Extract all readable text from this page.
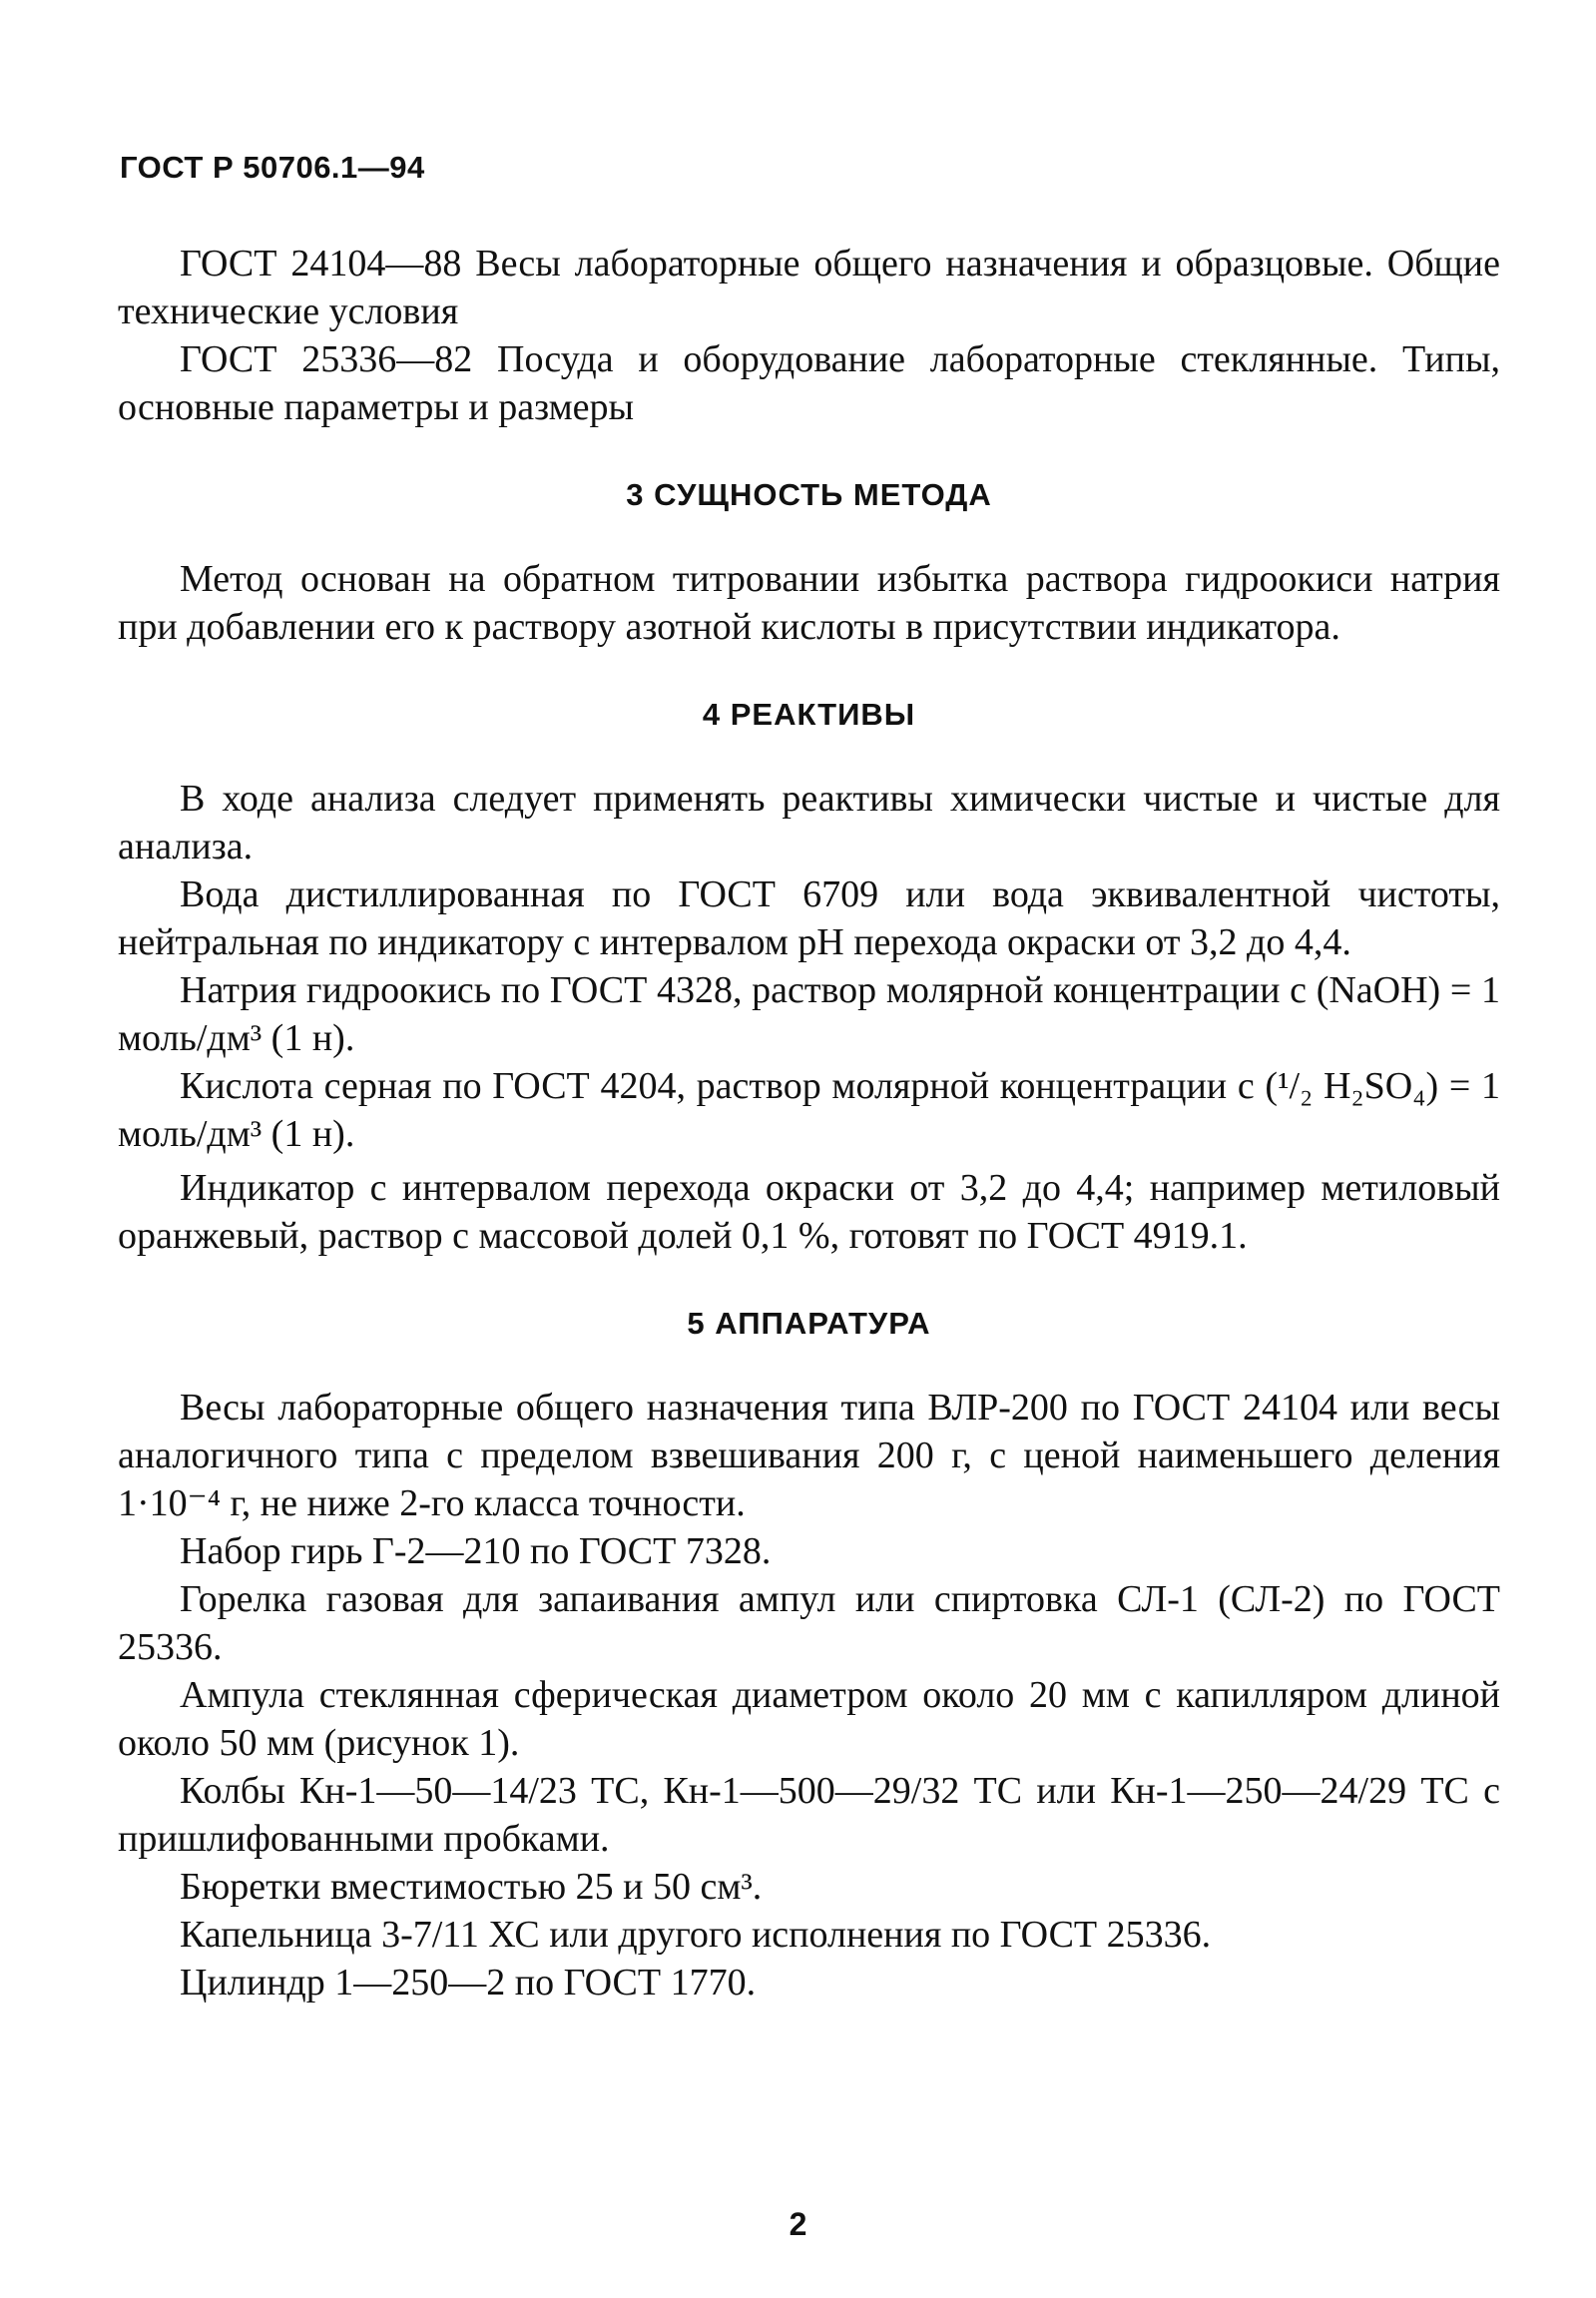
ГОСТ Р 50706.1—94

ГОСТ 24104—88 Весы лабораторные общего назначения и образцовые. Общие технические условия

ГОСТ 25336—82 Посуда и оборудование лабораторные стеклянные. Типы, основные параметры и размеры

3 СУЩНОСТЬ МЕТОДА

Метод основан на обратном титровании избытка раствора гидроокиси натрия при добавлении его к раствору азотной кислоты в присутствии индикатора.

4 РЕАКТИВЫ

В ходе анализа следует применять реактивы химически чистые и чистые для анализа.

Вода дистиллированная по ГОСТ 6709 или вода эквивалентной чистоты, нейтральная по индикатору с интервалом рН перехода окраски от 3,2 до 4,4.

Натрия гидроокись по ГОСТ 4328, раствор молярной концентрации c (NaOH) = 1 моль/дм³ (1 н).

Кислота серная по ГОСТ 4204, раствор молярной концентрации c (¹/₂ H₂SO₄) = 1 моль/дм³ (1 н).

Индикатор с интервалом перехода окраски от 3,2 до 4,4; например метиловый оранжевый, раствор с массовой долей 0,1 %, готовят по ГОСТ 4919.1.

5 АППАРАТУРА

Весы лабораторные общего назначения типа ВЛР-200 по ГОСТ 24104 или весы аналогичного типа с пределом взвешивания 200 г, с ценой наименьшего деления 1·10⁻⁴ г, не ниже 2-го класса точности.

Набор гирь Г-2—210 по ГОСТ 7328.

Горелка газовая для запаивания ампул или спиртовка СЛ-1 (СЛ-2) по ГОСТ 25336.

Ампула стеклянная сферическая диаметром около 20 мм с капилляром длиной около 50 мм (рисунок 1).

Колбы Кн-1—50—14/23 ТС, Кн-1—500—29/32 ТС или Кн-1—250—24/29 ТС с пришлифованными пробками.

Бюретки вместимостью 25 и 50 см³.

Капельница 3-7/11 ХС или другого исполнения по ГОСТ 25336.

Цилиндр 1—250—2 по ГОСТ 1770.

2
